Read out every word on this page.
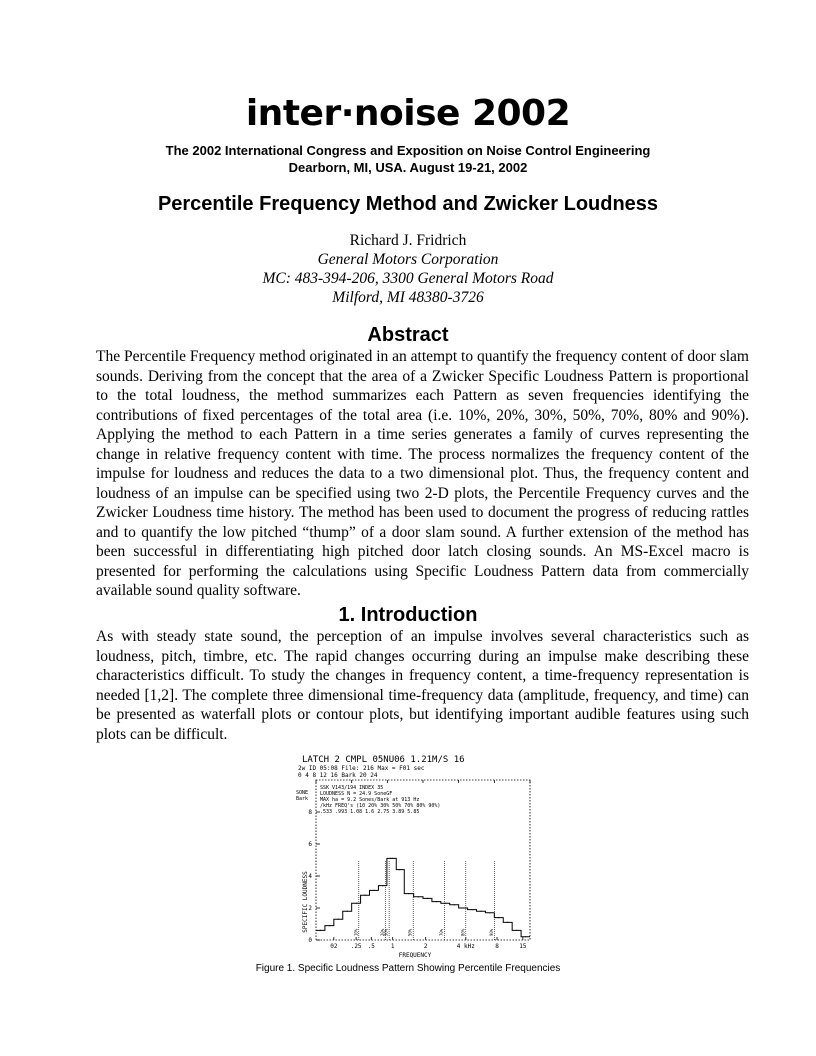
inter·noise 2002
The 2002 International Congress and Exposition on Noise Control Engineering
Dearborn, MI, USA. August 19-21, 2002
Percentile Frequency Method and Zwicker Loudness
Richard J. Fridrich
General Motors Corporation
MC: 483-394-206, 3300 General Motors Road
Milford, MI 48380-3726
Abstract

The Percentile Frequency method originated in an attempt to quantify the frequency content of door slam sounds. Deriving from the concept that the area of a Zwicker Specific Loudness Pattern is proportional to the total loudness, the method summarizes each Pattern as seven frequencies identifying the contributions of fixed percentages of the total area (i.e. 10%, 20%, 30%, 50%, 70%, 80% and 90%). Applying the method to each Pattern in a time series generates a family of curves representing the change in relative frequency content with time. The process normalizes the frequency content of the impulse for loudness and reduces the data to a two dimensional plot. Thus, the frequency content and loudness of an impulse can be specified using two 2-D plots, the Percentile Frequency curves and the Zwicker Loudness time history. The method has been used to document the progress of reducing rattles and to quantify the low pitched “thump” of a door slam sound. A further extension of the method has been successful in differentiating high pitched door latch closing sounds. An MS-Excel macro is presented for performing the calculations using Specific Loudness Pattern data from commercially available sound quality software.

1. Introduction

As with steady state sound, the perception of an impulse involves several characteristics such as loudness, pitch, timbre, etc. The rapid changes occurring during an impulse make describing these characteristics difficult. To study the changes in frequency content, a time-frequency representation is needed [1,2]. The complete three dimensional time-frequency data (amplitude, frequency, and time) can be presented as waterfall plots or contour plots, but identifying important audible features using such plots can be difficult.

LATCH 2 CMPL 05NU06 1.21M/S 16
2w ID 05:08 File: 216 Max = F01 sec
0 4 8 12 16 Bark 20 24
SSK V143/194 INDEX 35
LOUDNESS N = 24.9 SoneGF
MAX ha = 9.2 Sones/Bark at 913 Hz
/kHz FREQ's (10 20% 30% 50% 70% 80% 90%)
.533 .993 1.08 1.6 2.75 3.89 5.85
SONE
Bark
SPECIFIC LOUDNESS
FREQUENCY
0
2
4
6
8
02 .25 .5	1	2	4 kHz	8	15
10%	20%
30%	50%	70%	80%	90%
Figure 1. Specific Loudness Pattern Showing Percentile Frequencies
